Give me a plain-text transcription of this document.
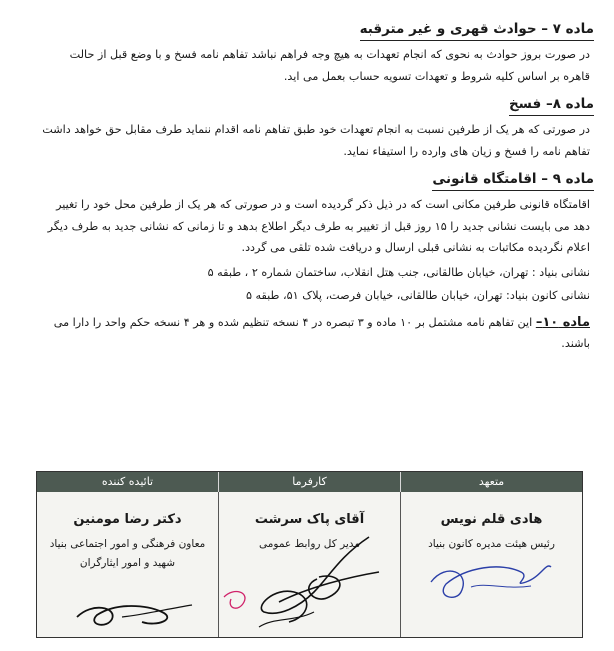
ماده ۷ – حوادث قهری و غیر مترقبه
در صورت بروز حوادث به نحوی که انجام تعهدات به هیچ وجه فراهم نباشد تفاهم نامه فسخ و با وضع قبل از حالت
قاهره بر اساس کلیه شروط و تعهدات تسویه حساب بعمل می اید.
ماده ۸– فسخ
در صورتی که هر یک از طرفین نسبت به انجام تعهدات خود طبق تفاهم نامه اقدام ننماید طرف مقابل حق خواهد داشت
تفاهم نامه را فسخ و زیان های وارده را استیفاء نماید.
ماده ۹ – اقامتگاه قانونی
اقامتگاه قانونی طرفین مکانی است که در ذیل ذکر گردیده است و در صورتی که هر یک از طرفین محل خود را تغییر
دهد می بایست نشانی جدید را ۱۵ روز قبل از تغییر به طرف دیگر اطلاع بدهد و تا زمانی که نشانی جدید به طرف دیگر
اعلام نگردیده مکاتبات به نشانی قبلی ارسال و دریافت شده تلقی می گردد.
نشانی بنیاد : تهران، خیابان طالقانی، جنب هتل انقلاب، ساختمان شماره ۲ ، طبقه ۵
نشانی کانون بنیاد: تهران، خیابان طالقانی، خیابان فرصت، پلاک ۵۱، طبقه ۵
ماده ۱۰– این تفاهم نامه مشتمل بر ۱۰ ماده و ۳ تبصره در ۴ نسخه تنظیم شده و هر ۴ نسخه حکم واحد را دارا می
باشند.
متعهد
کارفرما
تائیده کننده
هادی قلم نویس
رئیس هیئت مدیره کانون بنیاد
آقای پاک سرشت
مدیر کل روابط عمومی
دکتر رضا مومنین
معاون فرهنگی و امور اجتماعی بنیاد
شهید و امور ایثارگران
